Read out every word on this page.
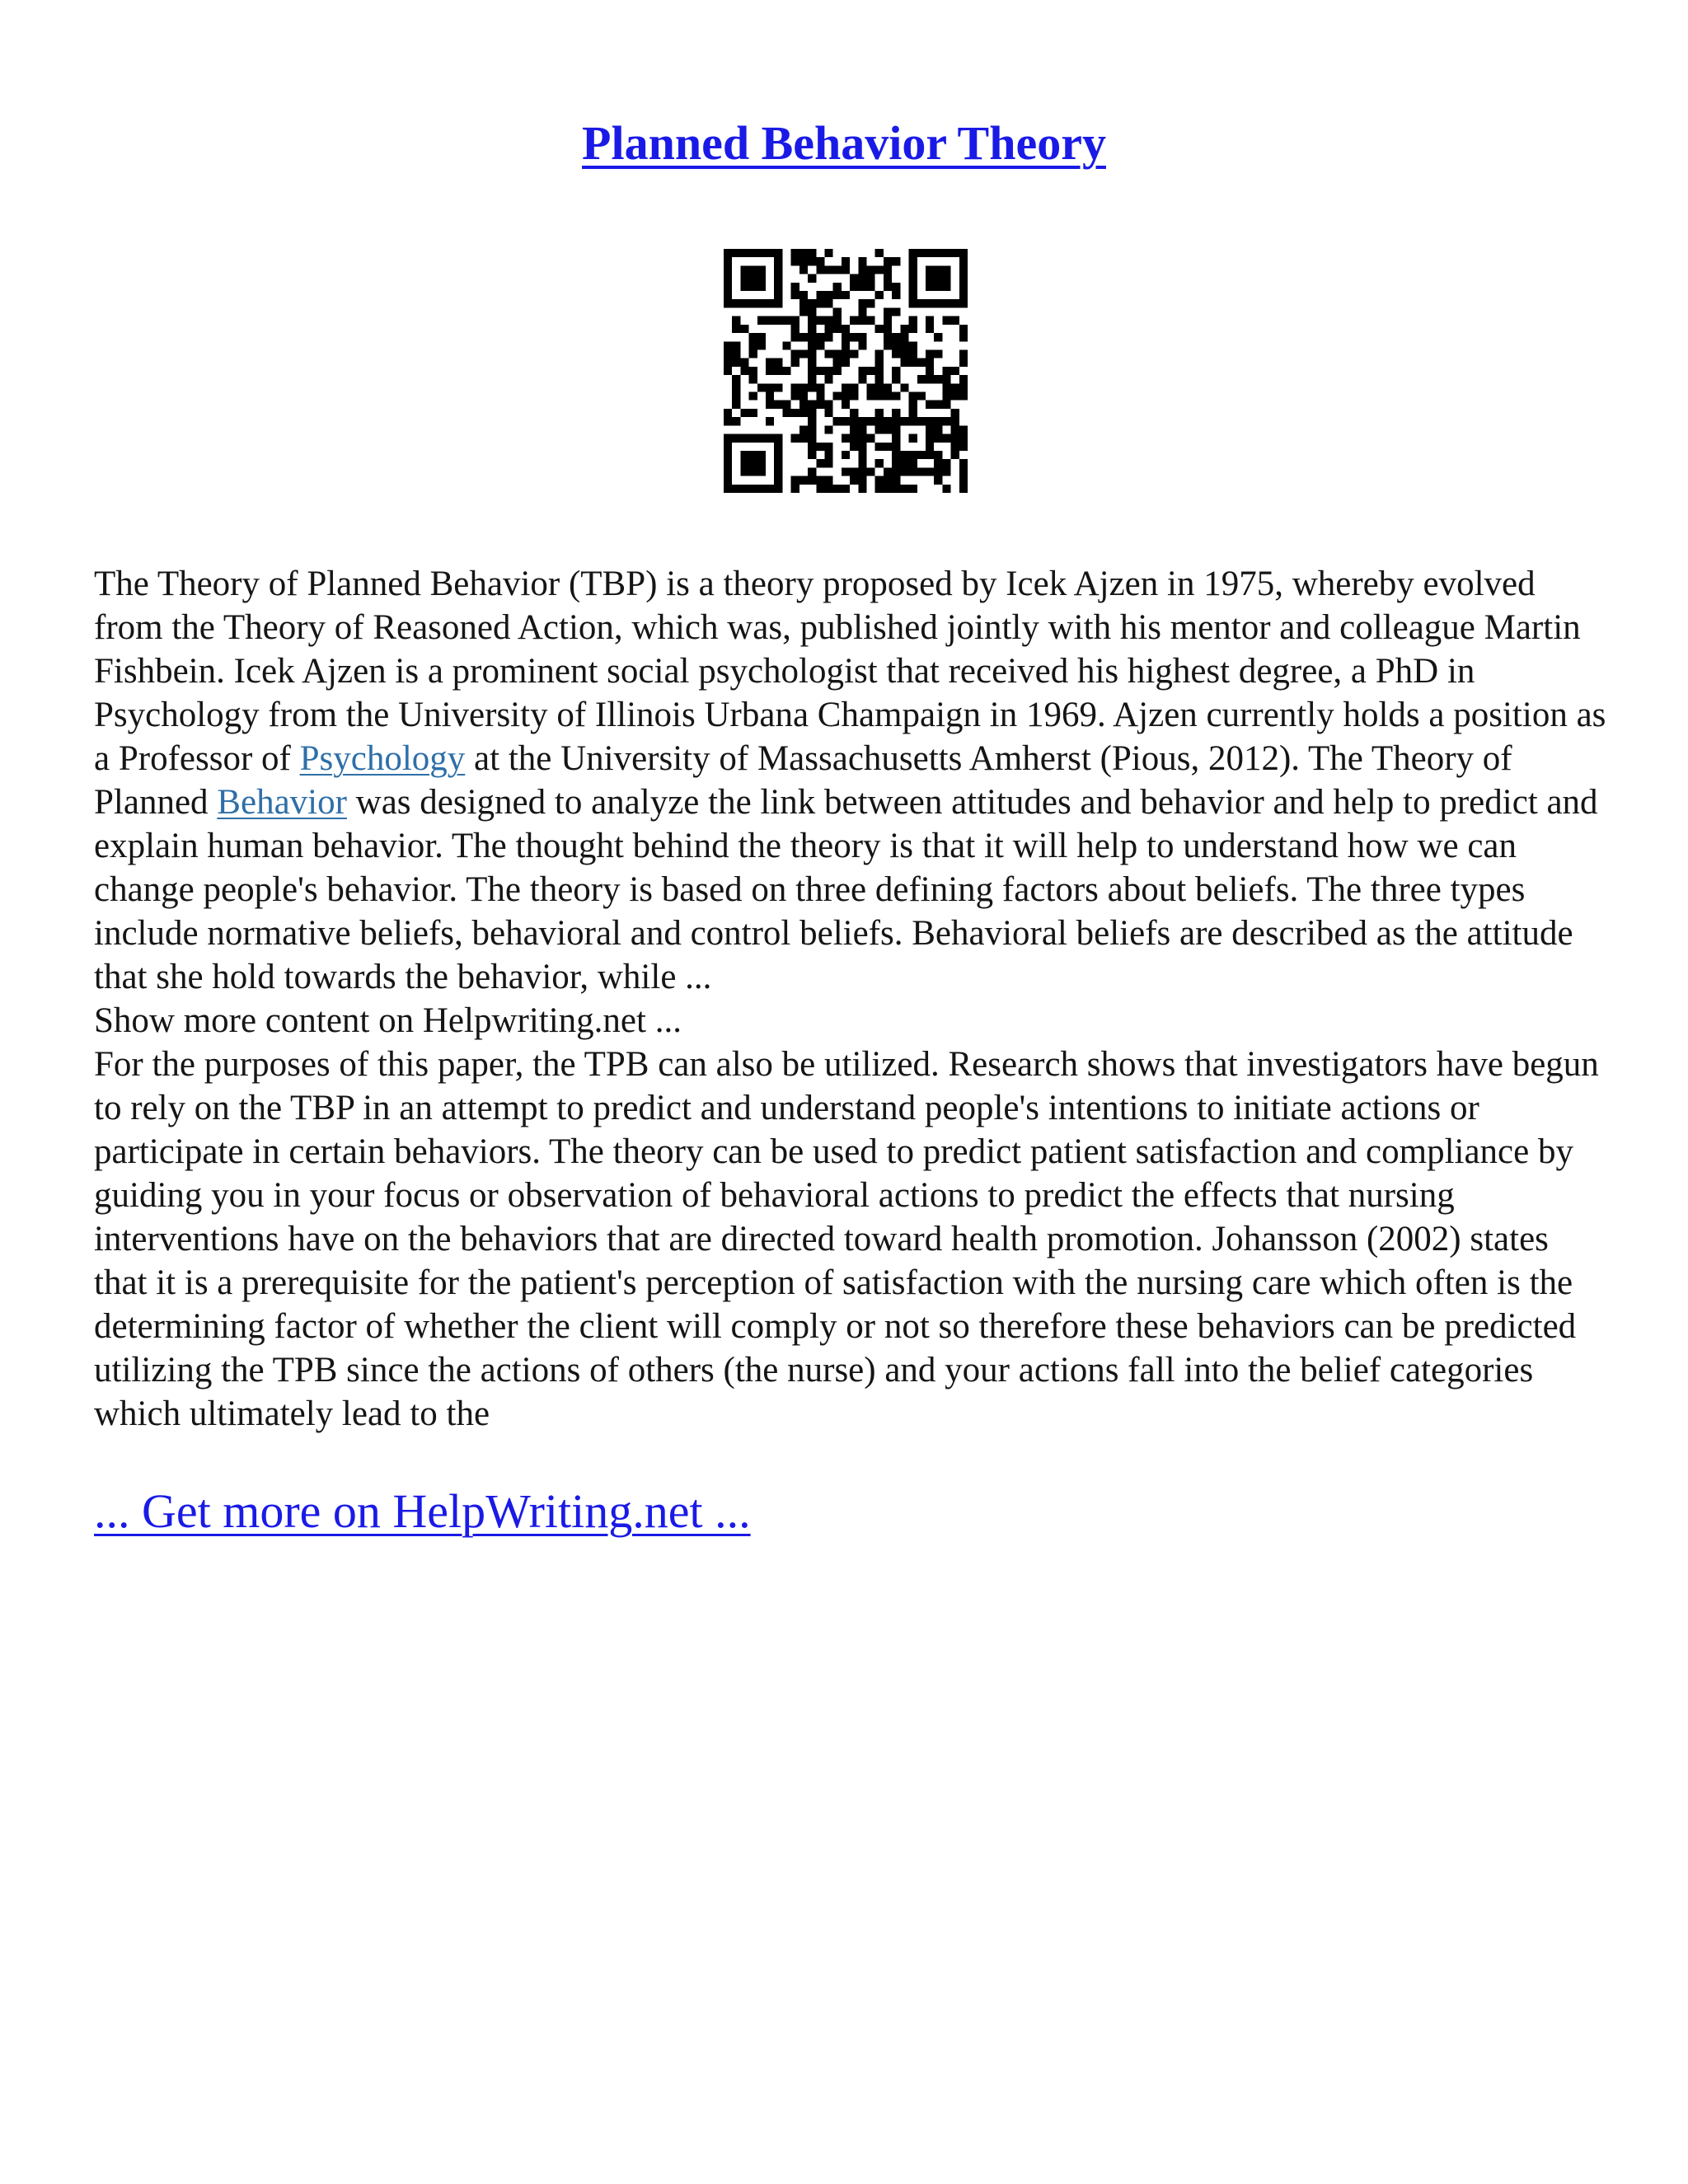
Planned Behavior Theory

The Theory of Planned Behavior (TBP) is a theory proposed by Icek Ajzen in 1975, whereby evolved from the Theory of Reasoned Action, which was, published jointly with his mentor and colleague Martin Fishbein. Icek Ajzen is a prominent social psychologist that received his highest degree, a PhD in Psychology from the University of Illinois Urbana Champaign in 1969. Ajzen currently holds a position as a Professor of Psychology at the University of Massachusetts Amherst (Pious, 2012). The Theory of Planned Behavior was designed to analyze the link between attitudes and behavior and help to predict and explain human behavior. The thought behind the theory is that it will help to understand how we can change people's behavior. The theory is based on three defining factors about beliefs. The three types include normative beliefs, behavioral and control beliefs. Behavioral beliefs are described as the attitude that she hold towards the behavior, while ...

Show more content on Helpwriting.net ...

For the purposes of this paper, the TPB can also be utilized. Research shows that investigators have begun to rely on the TBP in an attempt to predict and understand people's intentions to initiate actions or participate in certain behaviors. The theory can be used to predict patient satisfaction and compliance by guiding you in your focus or observation of behavioral actions to predict the effects that nursing interventions have on the behaviors that are directed toward health promotion. Johansson (2002) states that it is a prerequisite for the patient's perception of satisfaction with the nursing care which often is the determining factor of whether the client will comply or not so therefore these behaviors can be predicted utilizing the TPB since the actions of others (the nurse) and your actions fall into the belief categories which ultimately lead to the

... Get more on HelpWriting.net ...
